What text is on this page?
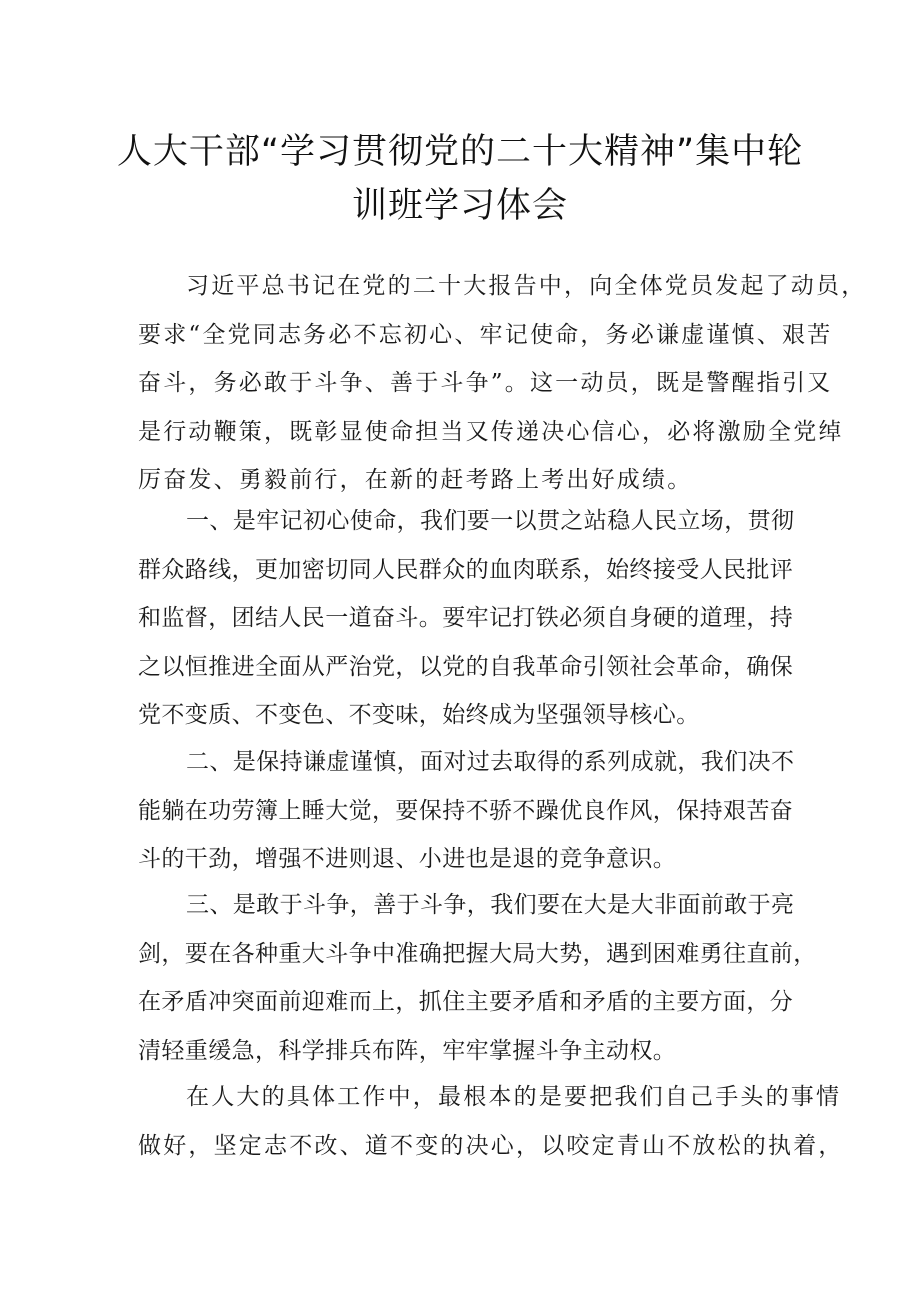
人大干部“学习贯彻党的二十大精神”集中轮
训班学习体会

习近平总书记在党的二十大报告中，向全体党员发起了动员，
要求“全党同志务必不忘初心、牢记使命，务必谦虚谨慎、艰苦
奋斗，务必敢于斗争、善于斗争”。这一动员，既是警醒指引又
是行动鞭策，既彰显使命担当又传递决心信心，必将激励全党绰
厉奋发、勇毅前行，在新的赶考路上考出好成绩。

一、是牢记初心使命，我们要一以贯之站稳人民立场，贯彻
群众路线，更加密切同人民群众的血肉联系，始终接受人民批评
和监督，团结人民一道奋斗。要牢记打铁必须自身硬的道理，持
之以恒推进全面从严治党，以党的自我革命引领社会革命，确保
党不变质、不变色、不变味，始终成为坚强领导核心。

二、是保持谦虚谨慎，面对过去取得的系列成就，我们决不
能躺在功劳簿上睡大觉，要保持不骄不躁优良作风，保持艰苦奋
斗的干劲，增强不进则退、小进也是退的竞争意识。

三、是敢于斗争，善于斗争，我们要在大是大非面前敢于亮
剑，要在各种重大斗争中准确把握大局大势，遇到困难勇往直前，
在矛盾冲突面前迎难而上，抓住主要矛盾和矛盾的主要方面，分
清轻重缓急，科学排兵布阵，牢牢掌握斗争主动权。

在人大的具体工作中，最根本的是要把我们自己手头的事情
做好，坚定志不改、道不变的决心，以咬定青山不放松的执着，
